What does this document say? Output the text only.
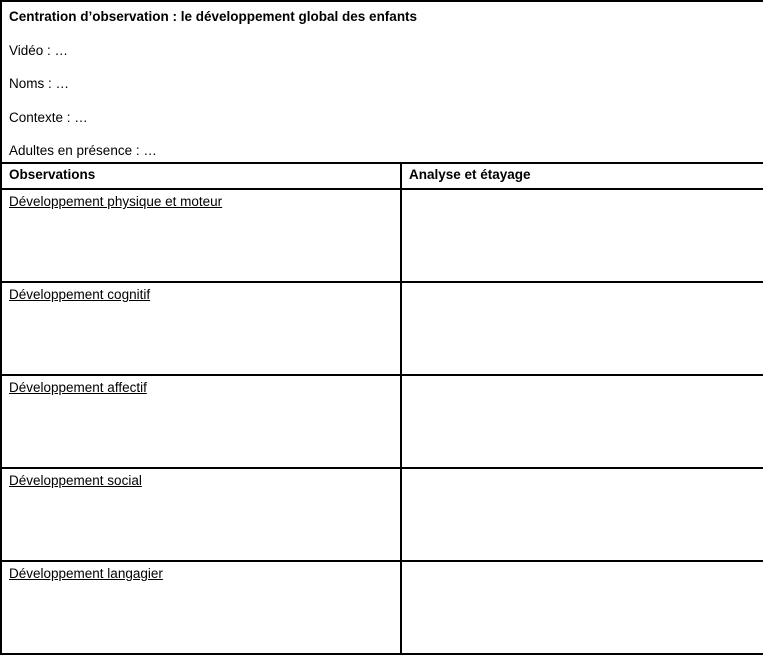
Centration d’observation : le développement global des enfants

Vidéo : …

Noms : …

Contexte : …

Adultes en présence : …	

Observations	Analyse et étayage
Développement physique et moteur	
Développement cognitif	
Développement affectif	
Développement social	
Développement langagier	
